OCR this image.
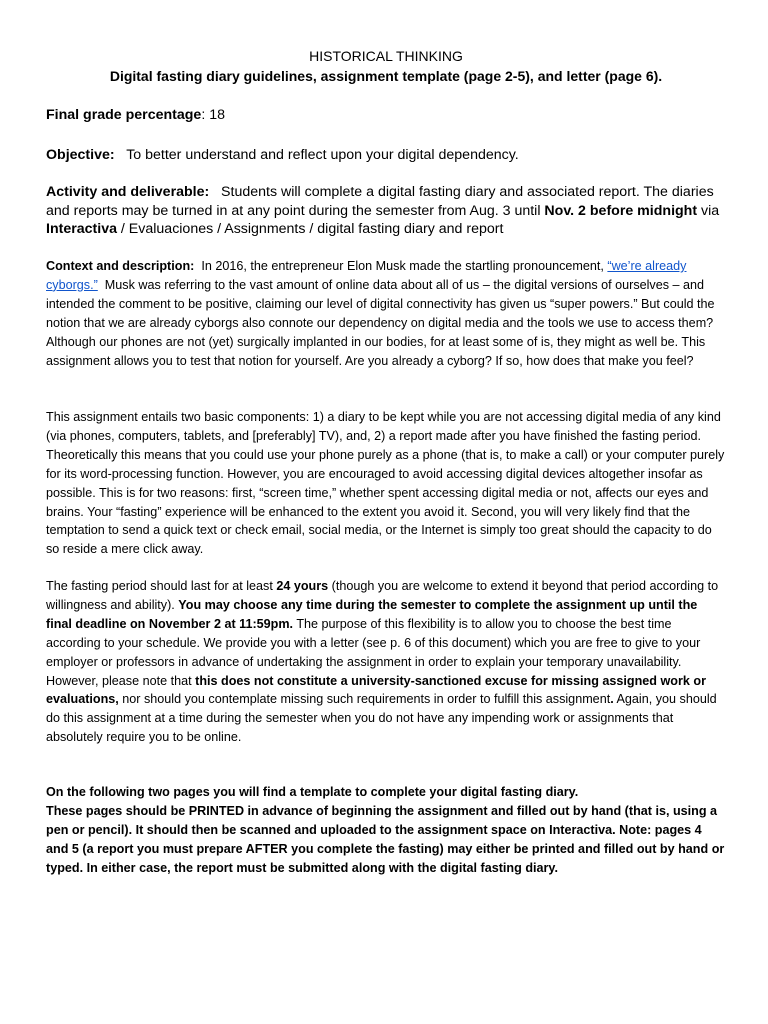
HISTORICAL THINKING
Digital fasting diary guidelines, assignment template (page 2-5), and letter (page 6).
Final grade percentage: 18
Objective: To better understand and reflect upon your digital dependency.
Activity and deliverable: Students will complete a digital fasting diary and associated report. The diaries and reports may be turned in at any point during the semester from Aug. 3 until Nov. 2 before midnight via Interactiva / Evaluaciones / Assignments / digital fasting diary and report
Context and description: In 2016, the entrepreneur Elon Musk made the startling pronouncement, “we’re already cyborgs.” Musk was referring to the vast amount of online data about all of us – the digital versions of ourselves – and intended the comment to be positive, claiming our level of digital connectivity has given us “super powers.” But could the notion that we are already cyborgs also connote our dependency on digital media and the tools we use to access them? Although our phones are not (yet) surgically implanted in our bodies, for at least some of is, they might as well be. This assignment allows you to test that notion for yourself. Are you already a cyborg? If so, how does that make you feel?
This assignment entails two basic components: 1) a diary to be kept while you are not accessing digital media of any kind (via phones, computers, tablets, and [preferably] TV), and, 2) a report made after you have finished the fasting period. Theoretically this means that you could use your phone purely as a phone (that is, to make a call) or your computer purely for its word-processing function. However, you are encouraged to avoid accessing digital devices altogether insofar as possible. This is for two reasons: first, “screen time,” whether spent accessing digital media or not, affects our eyes and brains. Your “fasting” experience will be enhanced to the extent you avoid it. Second, you will very likely find that the temptation to send a quick text or check email, social media, or the Internet is simply too great should the capacity to do so reside a mere click away.
The fasting period should last for at least 24 yours (though you are welcome to extend it beyond that period according to willingness and ability). You may choose any time during the semester to complete the assignment up until the final deadline on November 2 at 11:59pm. The purpose of this flexibility is to allow you to choose the best time according to your schedule. We provide you with a letter (see p. 6 of this document) which you are free to give to your employer or professors in advance of undertaking the assignment in order to explain your temporary unavailability. However, please note that this does not constitute a university-sanctioned excuse for missing assigned work or evaluations, nor should you contemplate missing such requirements in order to fulfill this assignment. Again, you should do this assignment at a time during the semester when you do not have any impending work or assignments that absolutely require you to be online.
On the following two pages you will find a template to complete your digital fasting diary.
These pages should be PRINTED in advance of beginning the assignment and filled out by hand (that is, using a pen or pencil). It should then be scanned and uploaded to the assignment space on Interactiva. Note: pages 4 and 5 (a report you must prepare AFTER you complete the fasting) may either be printed and filled out by hand or typed. In either case, the report must be submitted along with the digital fasting diary.
